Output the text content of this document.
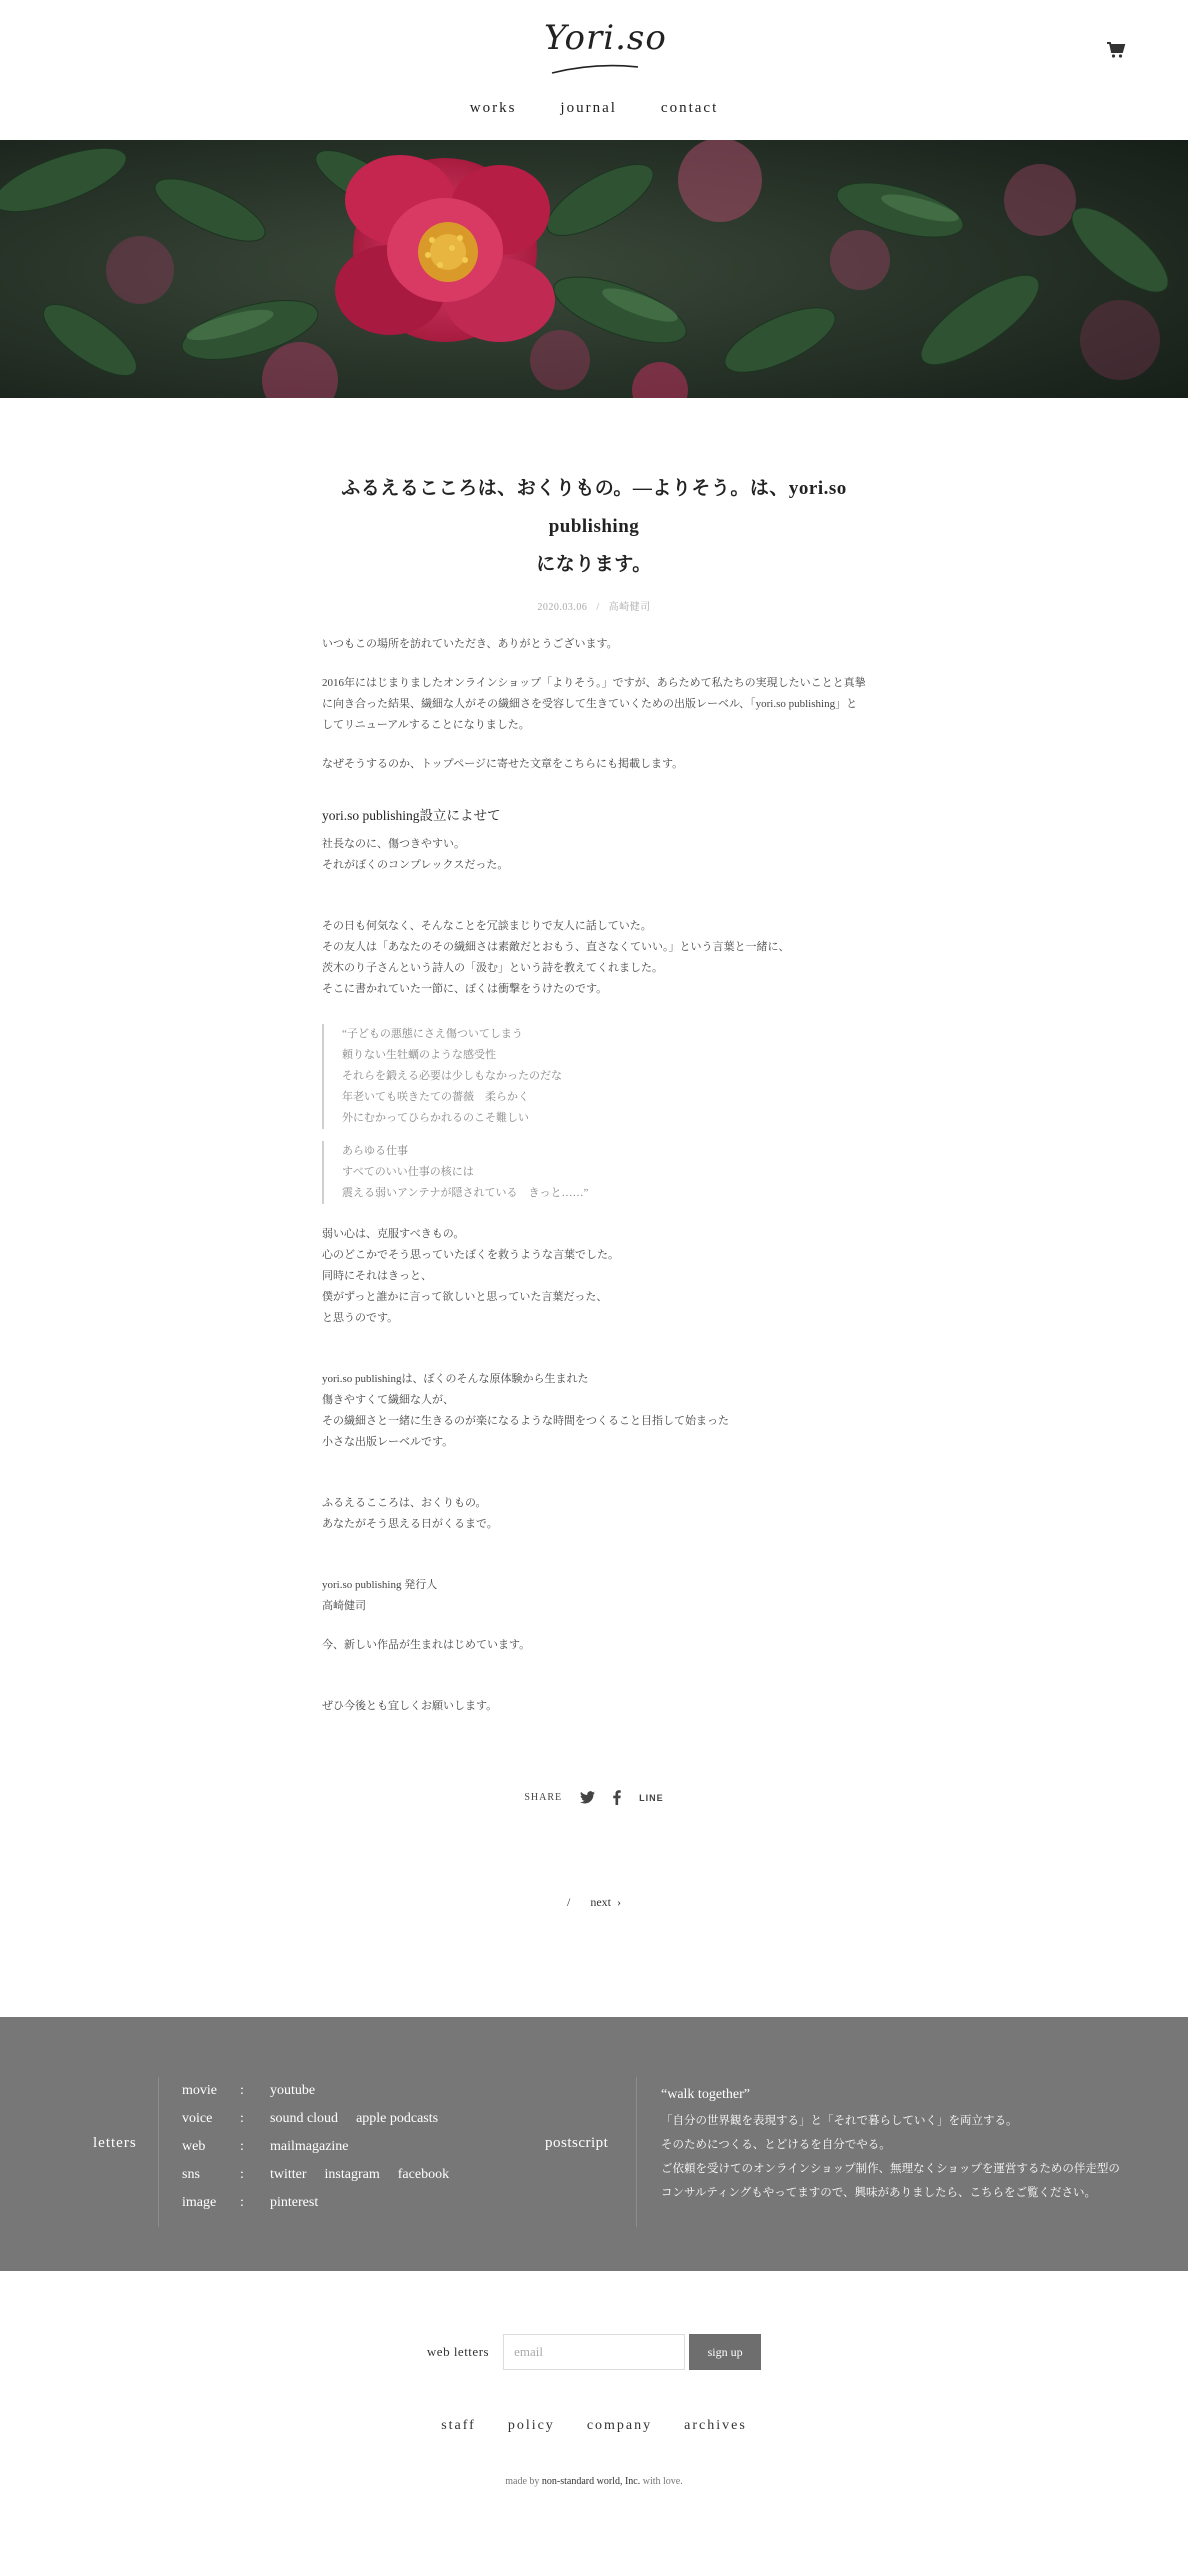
Yori.so
works	journal	contact
ふるえるこころは、おくりもの。―よりそう。は、yori.so publishing
になります。
2020.03.06 / 高崎健司

いつもこの場所を訪れていただき、ありがとうございます。

2016年にはじまりましたオンラインショップ「よりそう。」ですが、あらためて私たちの実現したいことと真摯に向き合った結果、繊細な人がその繊細さを受容して生きていくための出版レーベル、「yori.so publishing」としてリニューアルすることになりました。

なぜそうするのか、トップページに寄せた文章をこちらにも掲載します。

yori.so publishing設立によせて

社長なのに、傷つきやすい。
それがぼくのコンプレックスだった。

その日も何気なく、そんなことを冗談まじりで友人に話していた。
その友人は「あなたのその繊細さは素敵だとおもう、直さなくていい。」という言葉と一緒に、
茨木のり子さんという詩人の「汲む」という詩を教えてくれました。
そこに書かれていた一節に、ぼくは衝撃をうけたのです。

“子どもの悪態にさえ傷ついてしまう
頼りない生牡蠣のような感受性
それらを鍛える必要は少しもなかったのだな
年老いても咲きたての薔薇　柔らかく
外にむかってひらかれるのこそ難しい
あらゆる仕事
すべてのいい仕事の核には
震える弱いアンテナが隠されている　きっと……”

弱い心は、克服すべきもの。
心のどこかでそう思っていたぼくを救うような言葉でした。
同時にそれはきっと、
僕がずっと誰かに言って欲しいと思っていた言葉だった、
と思うのです。

yori.so publishingは、ぼくのそんな原体験から生まれた
傷きやすくて繊細な人が、
その繊細さと一緒に生きるのが楽になるような時間をつくること目指して始まった
小さな出版レーベルです。

ふるえるこころは、おくりもの。
あなたがそう思える日がくるまで。

yori.so publishing 発行人
高崎健司

今、新しい作品が生まれはじめています。

ぜひ今後とも宜しくお願いします。

SHARE	LINE
/ next  ›
letters
movie	:	youtube
voice	:	sound cloud apple podcasts
web	:	mailmagazine
sns	:	twitter instagram facebook
image	:	pinterest
postscript
“walk together”
「自分の世界観を表現する」と「それで暮らしていく」を両立する。
そのためにつくる、とどけるを自分でやる。
ご依頼を受けてのオンラインショップ制作、無理なくショップを運営するための伴走型の
コンサルティングもやってますので、興味がありましたら、こちらをご覧ください。
web letters
email	sign up
staff policy company archives
made by non-standard world, Inc. with love.
